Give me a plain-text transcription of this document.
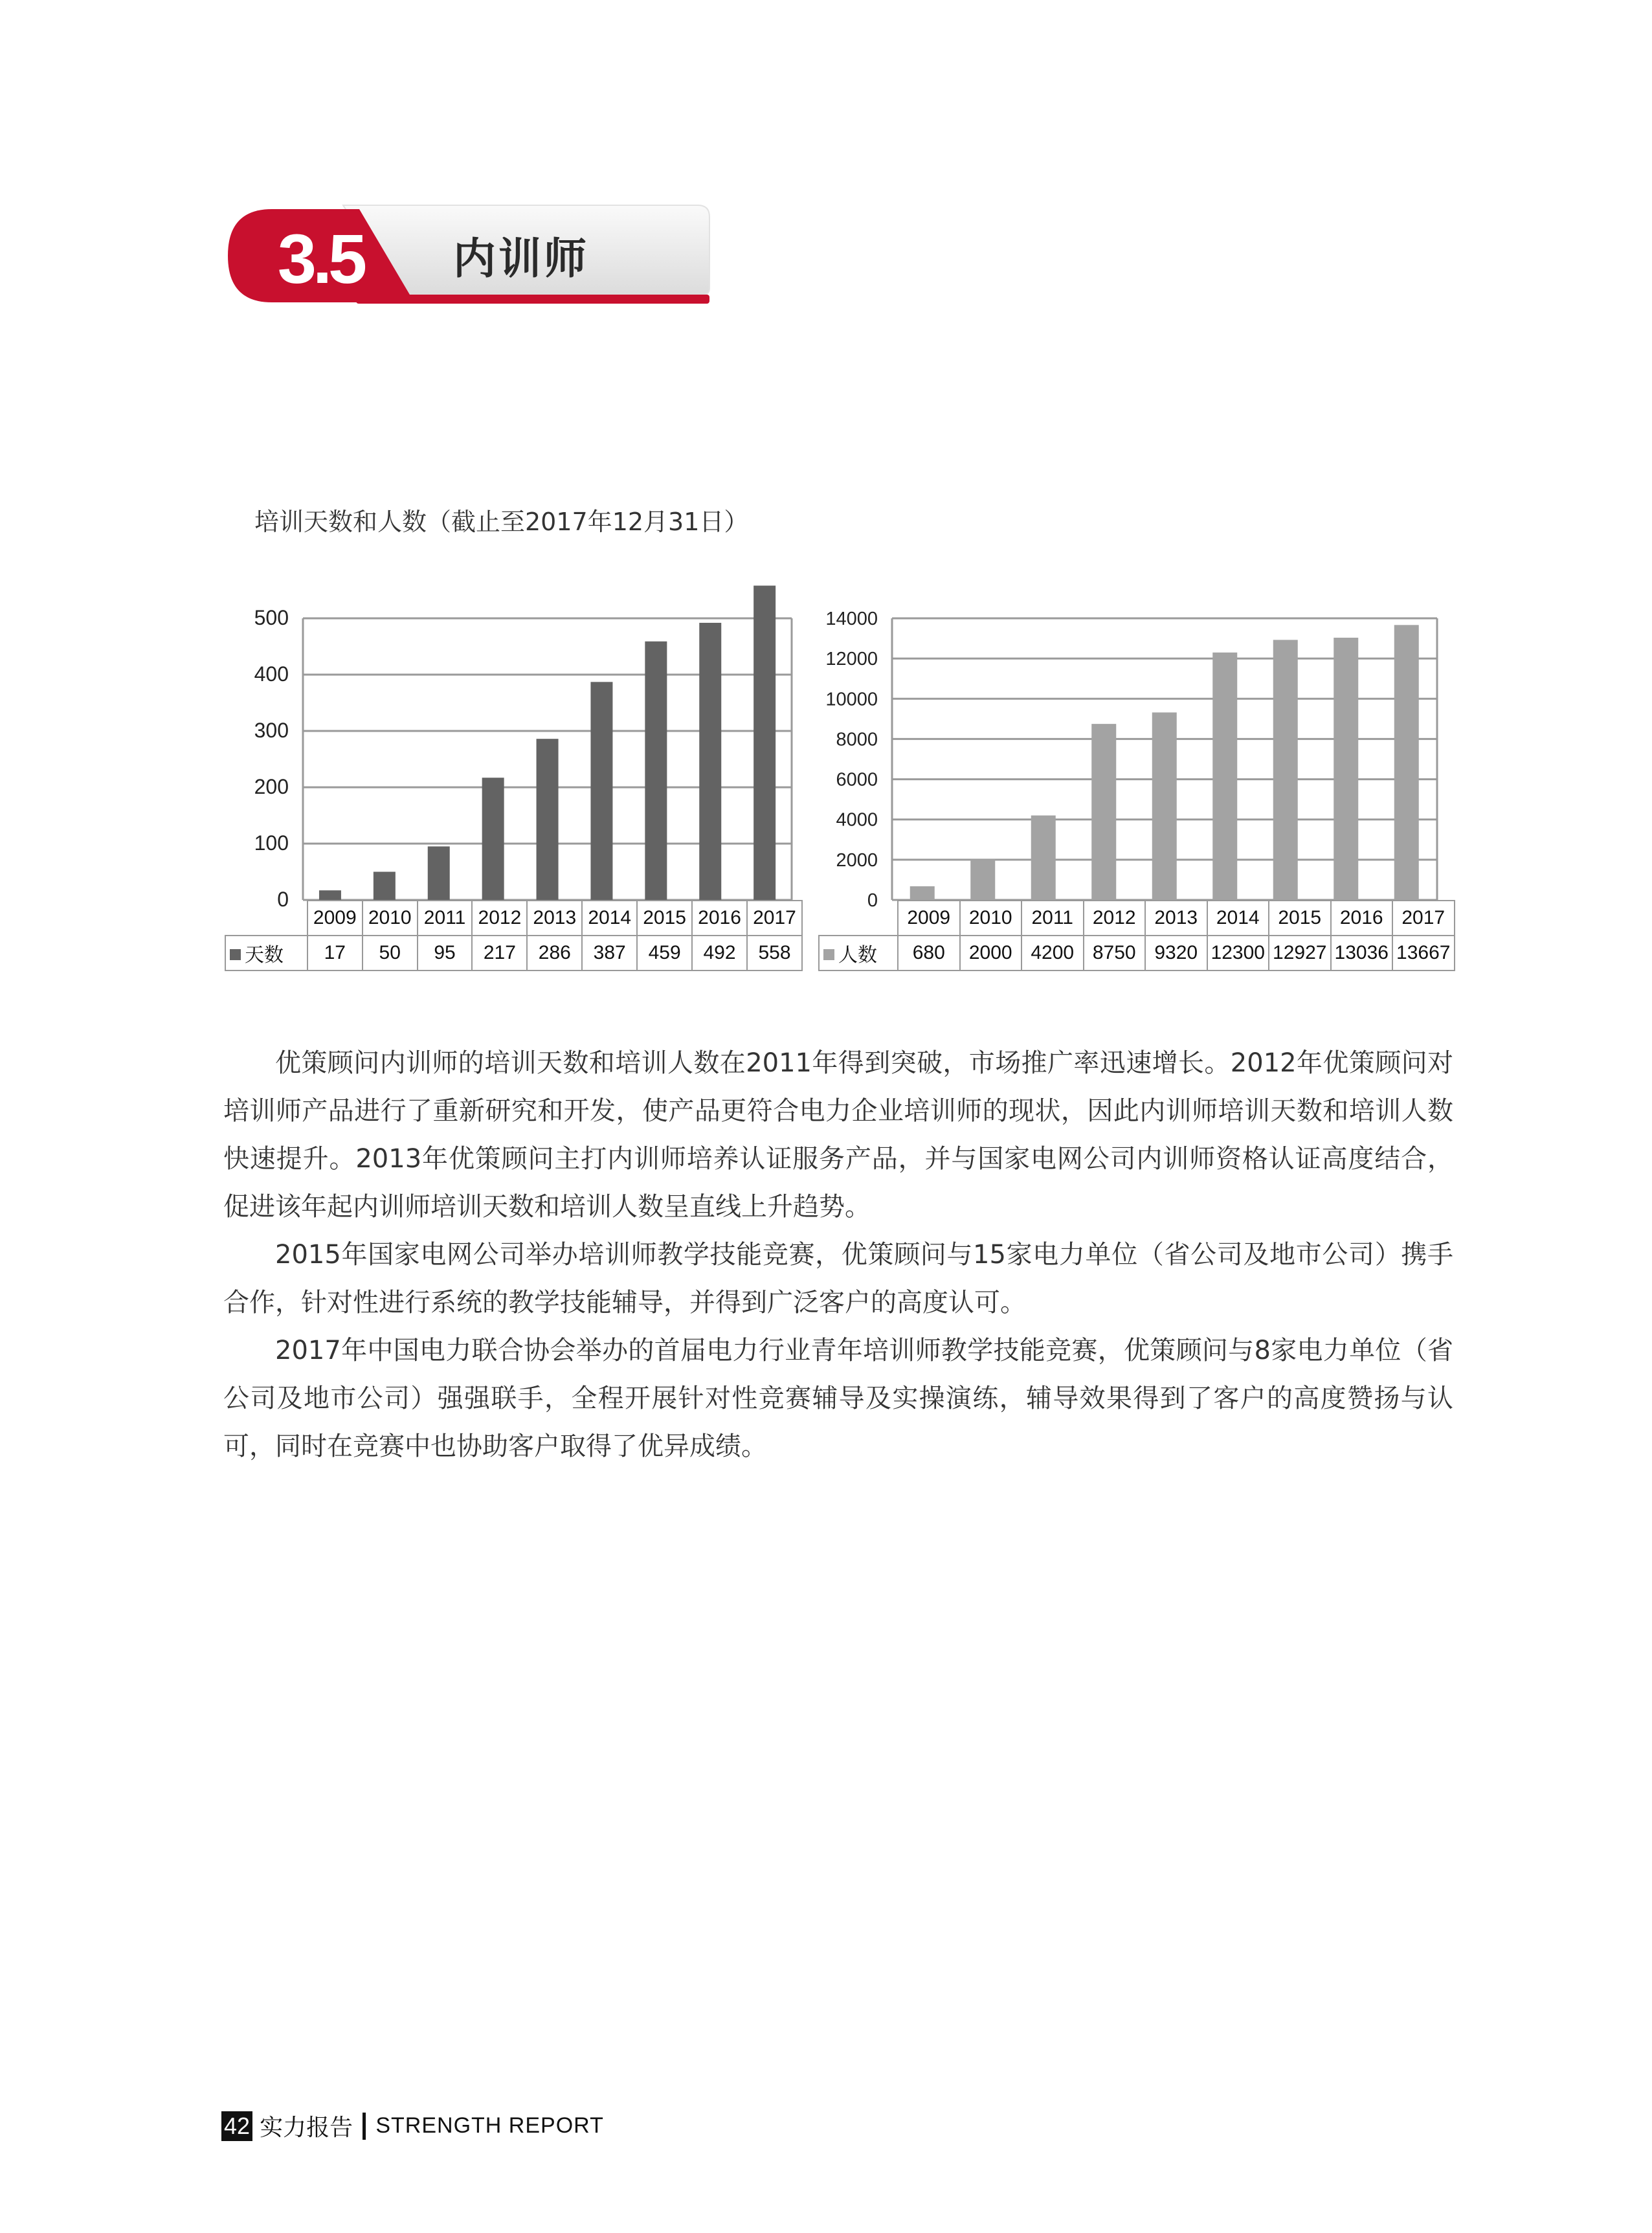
3.5	内训师
培训天数和人数（截止至2017年12月31日）
0
100
200
300
400
500
	2009	2010	2011	2012	2013	2014	2015	2016	2017
天数	17	50	95	217	286	387	459	492	558
0
2000
4000
6000
8000
10000
12000
14000
	2009	2010	2011	2012	2013	2014	2015	2016	2017
人数	680	2000	4200	8750	9320	12300	12927	13036	13667

优策顾问内训师的培训天数和培训人数在2011年得到突破，市场推广率迅速增长。2012年优策顾问对培训师产品进行了重新研究和开发，使产品更符合电力企业培训师的现状，因此内训师培训天数和培训人数快速提升。2013年优策顾问主打内训师培养认证服务产品，并与国家电网公司内训师资格认证高度结合，促进该年起内训师培训天数和培训人数呈直线上升趋势。

2015年国家电网公司举办培训师教学技能竞赛，优策顾问与15家电力单位（省公司及地市公司）携手合作，针对性进行系统的教学技能辅导，并得到广泛客户的高度认可。

2017年中国电力联合协会举办的首届电力行业青年培训师教学技能竞赛，优策顾问与8家电力单位（省公司及地市公司）强强联手，全程开展针对性竞赛辅导及实操演练，辅导效果得到了客户的高度赞扬与认可，同时在竞赛中也协助客户取得了优异成绩。

42 实力报告 STRENGTH REPORT
